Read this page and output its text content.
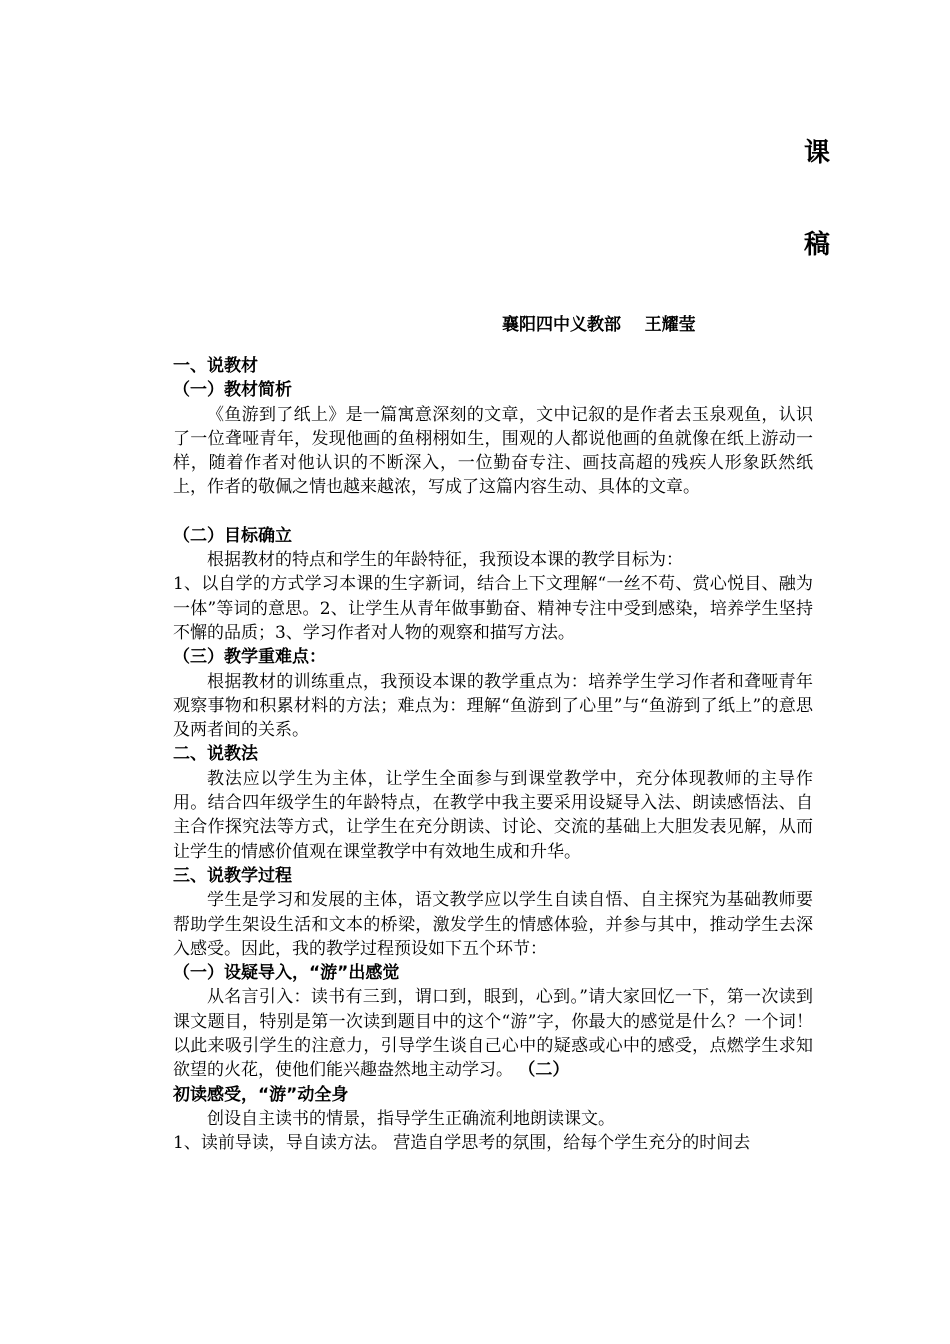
课
稿
襄阳四中义教部    王耀莹

一、说教材

（一）教材简析

《鱼游到了纸上》是一篇寓意深刻的文章，文中记叙的是作者去玉泉观鱼，认识了一位聋哑青年，发现他画的鱼栩栩如生，围观的人都说他画的鱼就像在纸上游动一样，随着作者对他认识的不断深入，一位勤奋专注、画技高超的残疾人形象跃然纸上，作者的敬佩之情也越来越浓，写成了这篇内容生动、具体的文章。

（二）目标确立

根据教材的特点和学生的年龄特征，我预设本课的教学目标为：

1、以自学的方式学习本课的生字新词，结合上下文理解“一丝不苟、赏心悦目、融为一体”等词的意思。2、让学生从青年做事勤奋、精神专注中受到感染，培养学生坚持不懈的品质；3、学习作者对人物的观察和描写方法。

（三）教学重难点：

根据教材的训练重点，我预设本课的教学重点为：培养学生学习作者和聋哑青年观察事物和积累材料的方法；难点为：理解“鱼游到了心里”与“鱼游到了纸上”的意思及两者间的关系。

二、说教法

教法应以学生为主体，让学生全面参与到课堂教学中，充分体现教师的主导作用。结合四年级学生的年龄特点，在教学中我主要采用设疑导入法、朗读感悟法、自主合作探究法等方式，让学生在充分朗读、讨论、交流的基础上大胆发表见解，从而让学生的情感价值观在课堂教学中有效地生成和升华。

三、说教学过程

学生是学习和发展的主体，语文教学应以学生自读自悟、自主探究为基础教师要帮助学生架设生活和文本的桥梁，激发学生的情感体验，并参与其中，推动学生去深入感受。因此，我的教学过程预设如下五个环节：

（一）设疑导入，“游”出感觉

从名言引入：读书有三到，谓口到，眼到，心到。”请大家回忆一下，第一次读到课文题目，特别是第一次读到题目中的这个“游”字，你最大的感觉是什么？一个词！以此来吸引学生的注意力，引导学生谈自己心中的疑惑或心中的感受，点燃学生求知欲望的火花，使他们能兴趣盎然地主动学习。 （二）

初读感受，“游”动全身

创设自主读书的情景，指导学生正确流利地朗读课文。

1、读前导读，导自读方法。 营造自学思考的氛围，给每个学生充分的时间去
